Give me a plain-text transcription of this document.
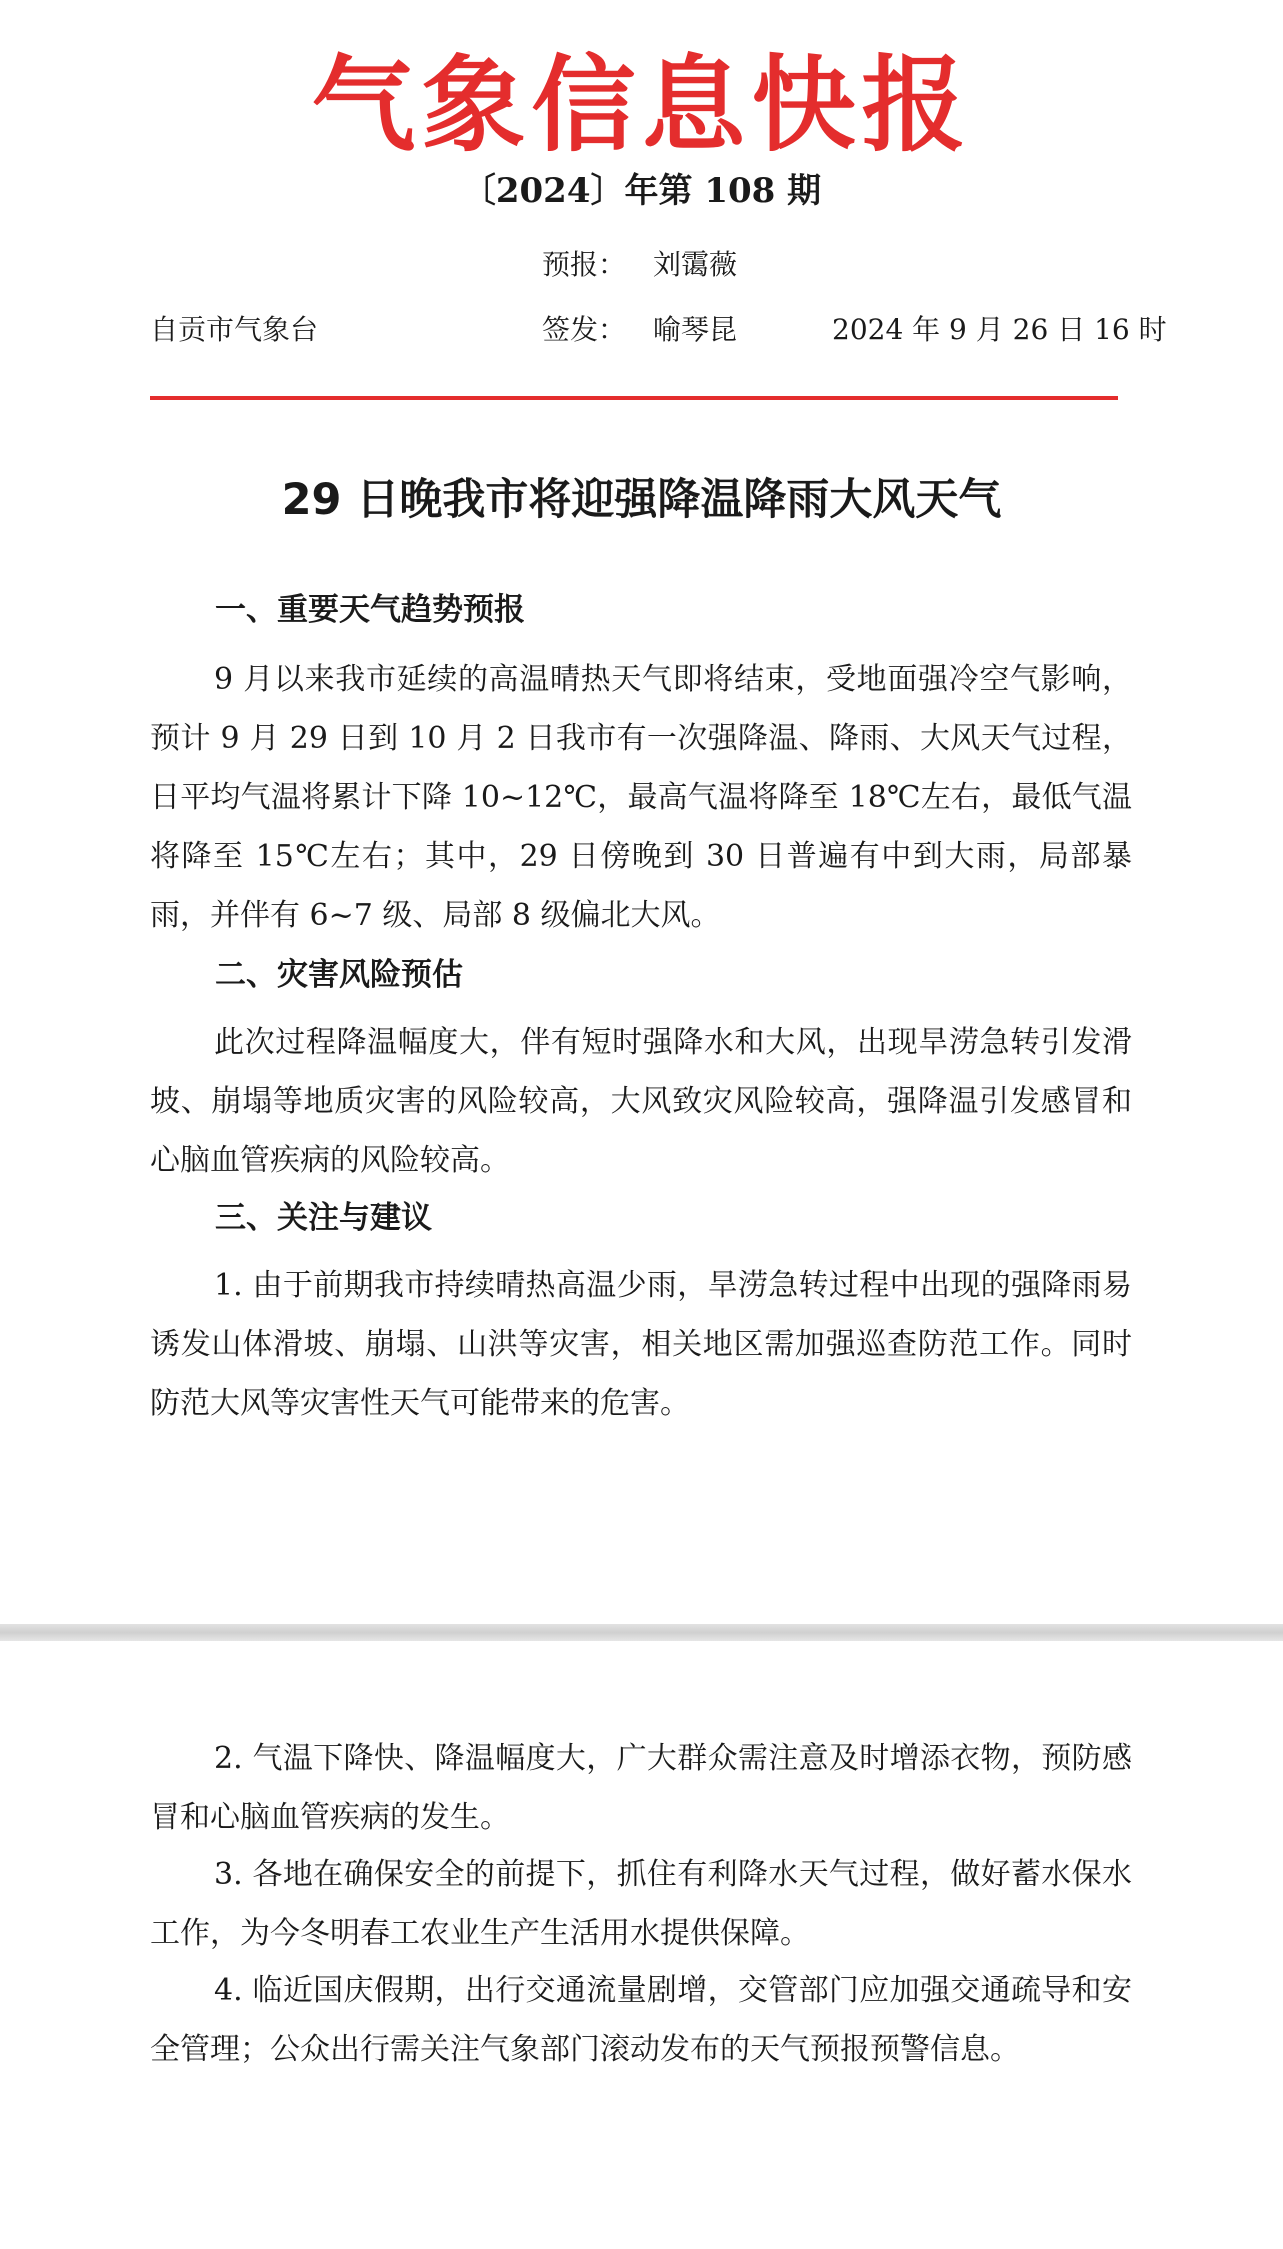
气象信息快报
〔2024〕年第 108 期
预报： 刘霭薇
自贡市气象台	签发： 喻琴昆	2024 年 9 月 26 日 16 时
29 日晚我市将迎强降温降雨大风天气
一、重要天气趋势预报
9 月以来我市延续的高温晴热天气即将结束，受地面强冷空气影响，预计 9 月 29 日到 10 月 2 日我市有一次强降温、降雨、大风天气过程，日平均气温将累计下降 10~12℃，最高气温将降至 18℃左右，最低气温将降至 15℃左右；其中，29 日傍晚到 30 日普遍有中到大雨，局部暴雨，并伴有 6~7 级、局部 8 级偏北大风。
二、灾害风险预估
此次过程降温幅度大，伴有短时强降水和大风，出现旱涝急转引发滑坡、崩塌等地质灾害的风险较高，大风致灾风险较高，强降温引发感冒和心脑血管疾病的风险较高。
三、关注与建议
1. 由于前期我市持续晴热高温少雨，旱涝急转过程中出现的强降雨易诱发山体滑坡、崩塌、山洪等灾害，相关地区需加强巡查防范工作。同时防范大风等灾害性天气可能带来的危害。
2. 气温下降快、降温幅度大，广大群众需注意及时增添衣物，预防感冒和心脑血管疾病的发生。
3. 各地在确保安全的前提下，抓住有利降水天气过程，做好蓄水保水工作，为今冬明春工农业生产生活用水提供保障。
4. 临近国庆假期，出行交通流量剧增，交管部门应加强交通疏导和安全管理；公众出行需关注气象部门滚动发布的天气预报预警信息。
